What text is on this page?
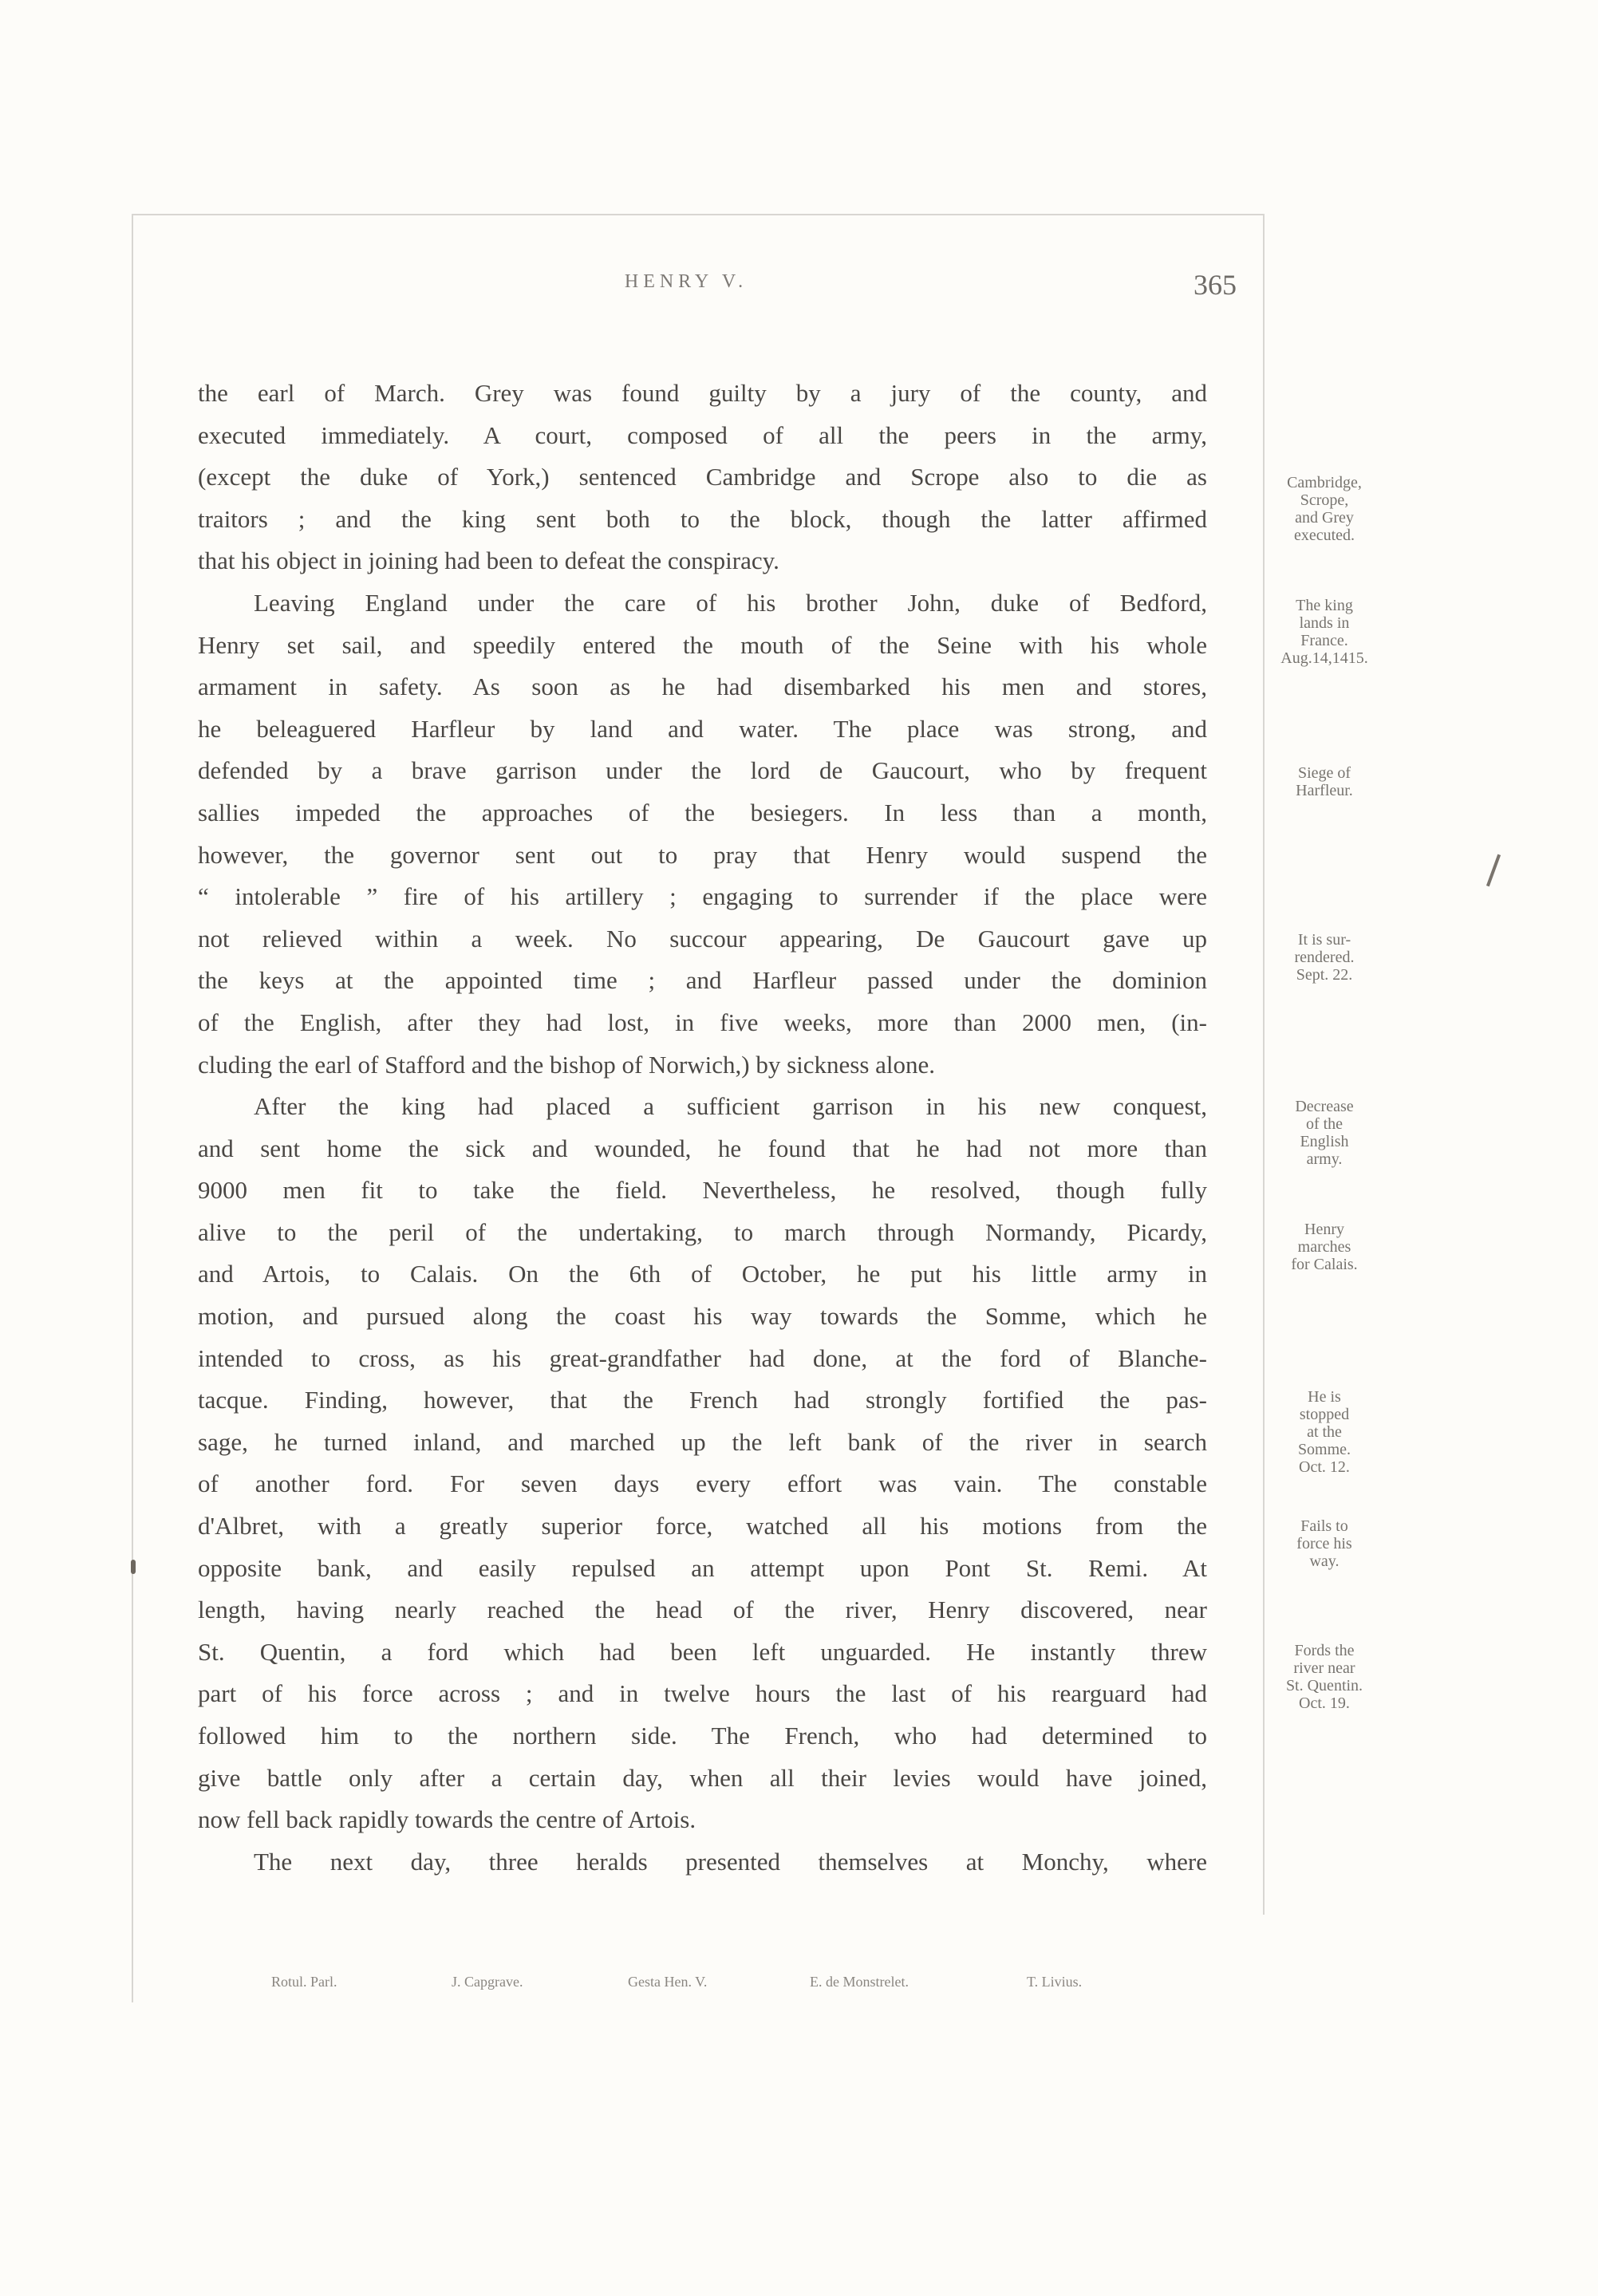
HENRY V.	365
the earl of March. Grey was found guilty by a jury of the county, and
executed immediately. A court, composed of all the peers in the army,
(except the duke of York,) sentenced Cambridge and Scrope also to die as
traitors ; and the king sent both to the block, though the latter affirmed
that his object in joining had been to defeat the conspiracy.
Leaving England under the care of his brother John, duke of Bedford,
Henry set sail, and speedily entered the mouth of the Seine with his whole
armament in safety. As soon as he had disembarked his men and stores,
he beleaguered Harfleur by land and water. The place was strong, and
defended by a brave garrison under the lord de Gaucourt, who by frequent
sallies impeded the approaches of the besiegers. In less than a month,
however, the governor sent out to pray that Henry would suspend the
“ intolerable ” fire of his artillery ; engaging to surrender if the place were
not relieved within a week. No succour appearing, De Gaucourt gave up
the keys at the appointed time ; and Harfleur passed under the dominion
of the English, after they had lost, in five weeks, more than 2000 men, (in-
cluding the earl of Stafford and the bishop of Norwich,) by sickness alone.
After the king had placed a sufficient garrison in his new conquest,
and sent home the sick and wounded, he found that he had not more than
9000 men fit to take the field. Nevertheless, he resolved, though fully
alive to the peril of the undertaking, to march through Normandy, Picardy,
and Artois, to Calais. On the 6th of October, he put his little army in
motion, and pursued along the coast his way towards the Somme, which he
intended to cross, as his great-grandfather had done, at the ford of Blanche-
tacque. Finding, however, that the French had strongly fortified the pas-
sage, he turned inland, and marched up the left bank of the river in search
of another ford. For seven days every effort was vain. The constable
d'Albret, with a greatly superior force, watched all his motions from the
opposite bank, and easily repulsed an attempt upon Pont St. Remi. At
length, having nearly reached the head of the river, Henry discovered, near
St. Quentin, a ford which had been left unguarded. He instantly threw
part of his force across ; and in twelve hours the last of his rearguard had
followed him to the northern side. The French, who had determined to
give battle only after a certain day, when all their levies would have joined,
now fell back rapidly towards the centre of Artois.
The next day, three heralds presented themselves at Monchy, where
Cambridge,
Scrope,
and Grey
executed.
The king
lands in
France.
Aug.14,1415.
Siege of
Harfleur.
It is sur-
rendered.
Sept. 22.
Decrease
of the
English
army.
Henry
marches
for Calais.
He is
stopped
at the
Somme.
Oct. 12.
Fails to
force his
way.
Fords the
river near
St. Quentin.
Oct. 19.
Rotul. Parl.	J. Capgrave.	Gesta Hen. V.	E. de Monstrelet.	T. Livius.
